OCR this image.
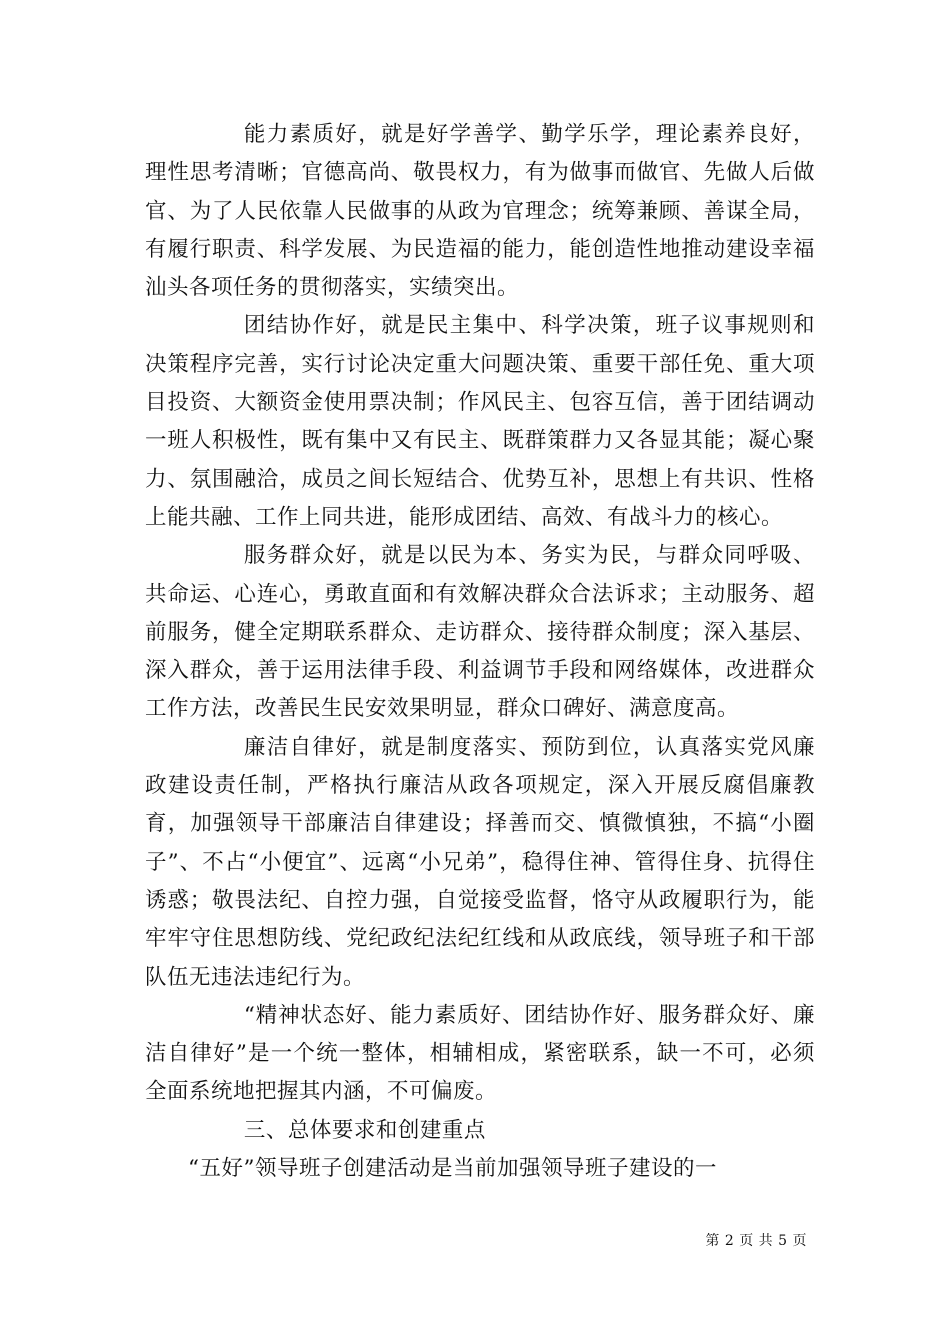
能力素质好，就是好学善学、勤学乐学，理论素养良好，理性思考清晰；官德高尚、敬畏权力，有为做事而做官、先做人后做官、为了人民依靠人民做事的从政为官理念；统筹兼顾、善谋全局，有履行职责、科学发展、为民造福的能力，能创造性地推动建设幸福汕头各项任务的贯彻落实，实绩突出。

团结协作好，就是民主集中、科学决策，班子议事规则和决策程序完善，实行讨论决定重大问题决策、重要干部任免、重大项目投资、大额资金使用票决制；作风民主、包容互信，善于团结调动一班人积极性，既有集中又有民主、既群策群力又各显其能；凝心聚力、氛围融洽，成员之间长短结合、优势互补，思想上有共识、性格上能共融、工作上同共进，能形成团结、高效、有战斗力的核心。

服务群众好，就是以民为本、务实为民，与群众同呼吸、共命运、心连心，勇敢直面和有效解决群众合法诉求；主动服务、超前服务，健全定期联系群众、走访群众、接待群众制度；深入基层、深入群众，善于运用法律手段、利益调节手段和网络媒体，改进群众工作方法，改善民生民安效果明显，群众口碑好、满意度高。

廉洁自律好，就是制度落实、预防到位，认真落实党风廉政建设责任制，严格执行廉洁从政各项规定，深入开展反腐倡廉教育，加强领导干部廉洁自律建设；择善而交、慎微慎独，不搞“小圈子”、不占“小便宜”、远离“小兄弟”，稳得住神、管得住身、抗得住诱惑；敬畏法纪、自控力强，自觉接受监督，恪守从政履职行为，能牢牢守住思想防线、党纪政纪法纪红线和从政底线，领导班子和干部队伍无违法违纪行为。

“精神状态好、能力素质好、团结协作好、服务群众好、廉洁自律好”是一个统一整体，相辅相成，紧密联系，缺一不可，必须全面系统地把握其内涵，不可偏废。

三、总体要求和创建重点

“五好”领导班子创建活动是当前加强领导班子建设的一

第 2 页 共 5 页
